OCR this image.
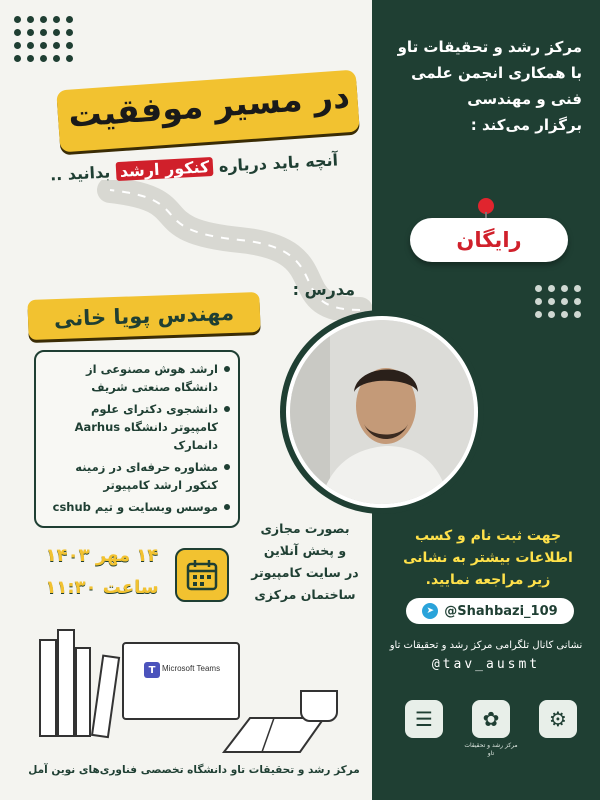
مرکز رشد و تحقیقات تاو
با همکاری انجمن علمی
فنی و مهندسی
برگزار می‌کند :
رایگان
جهت ثبت نام و کسب
اطلاعات بیشتر به نشانی
زیر مراجعه نمایید.
➤ @Shahbazi_109
نشانی کانال تلگرامی مرکز رشد و تحقیقات تاو
@tav_ausmt
⚙
✿
مرکز رشد و تحقیقات تاو
☰
در مسیر موفقیت
آنچه باید درباره کنکور ارشد بدانید ..
مدرس :
مهندس پویا خانی
ارشد هوش مصنوعی از دانشگاه صنعتی شریف
دانشجوی دکترای علوم کامپیوتر دانشگاه Aarhus دانمارک
مشاوره حرفه‌ای در زمینه کنکور ارشد کامپیوتر
موسس وبسایت و تیم cshub
بصورت مجازی
و پخش آنلاین
در سایت کامپیوتر
ساختمان مرکزی
۱۴ مهر ۱۴۰۳
ساعت ۱۱:۳۰
T Microsoft Teams
مرکز رشد و تحقیقات تاو دانشگاه تخصصی فناوری‌های نوین آمل
